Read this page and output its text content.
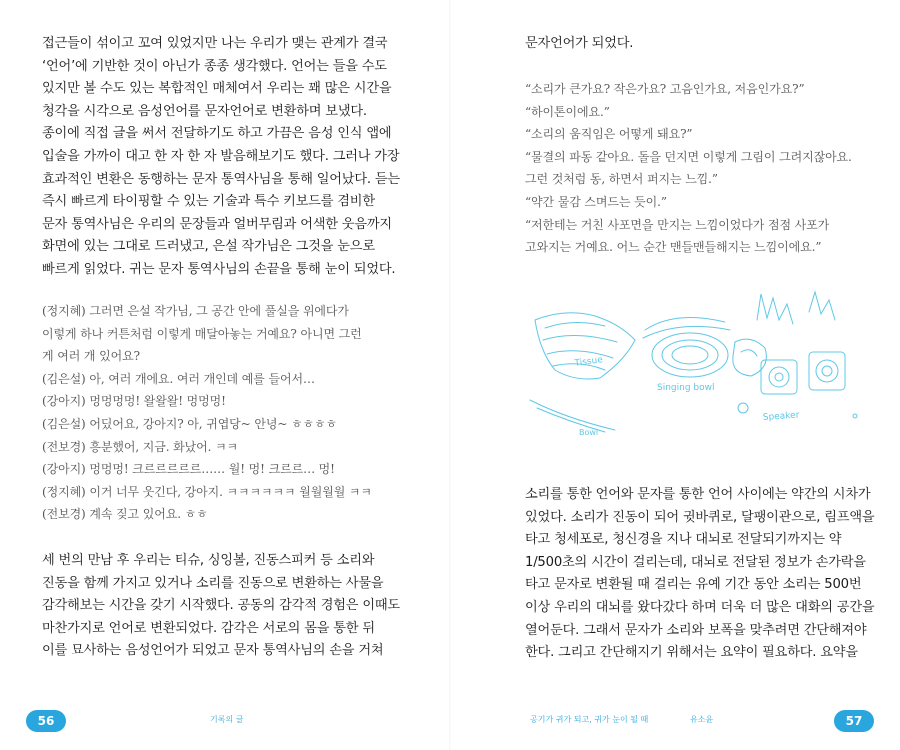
접근들이 섞이고 꼬여 있었지만 나는 우리가 맺는 관계가 결국

‘언어’에 기반한 것이 아닌가 종종 생각했다. 언어는 들을 수도

있지만 볼 수도 있는 복합적인 매체여서 우리는 꽤 많은 시간을

청각을 시각으로 음성언어를 문자언어로 변환하며 보냈다.

종이에 직접 글을 써서 전달하기도 하고 가끔은 음성 인식 앱에

입술을 가까이 대고 한 자 한 자 발음해보기도 했다. 그러나 가장

효과적인 변환은 동행하는 문자 통역사님을 통해 일어났다. 듣는

즉시 빠르게 타이핑할 수 있는 기술과 특수 키보드를 겸비한

문자 통역사님은 우리의 문장들과 얼버무림과 어색한 웃음까지

화면에 있는 그대로 드러냈고, 은설 작가님은 그것을 눈으로

빠르게 읽었다. 귀는 문자 통역사님의 손끝을 통해 눈이 되었다.

(정지혜) 그러면 은설 작가님, 그 공간 안에 풀실을 위에다가

이렇게 하나 커튼처럼 이렇게 매달아놓는 거예요? 아니면 그런

게 여러 개 있어요?

(김은설) 아, 여러 개에요. 여러 개인데 예를 들어서…

(강아지) 멍멍멍멍! 왈왈왈! 멍멍멍!

(김은설) 어딨어요, 강아지? 아, 귀엽당~ 안녕~ ㅎㅎㅎㅎ

(전보경) 흥분했어, 지금. 화났어. ㅋㅋ

(강아지) 멍멍멍! 크르르르르르…… 월! 멍! 크르르… 멍!

(정지혜) 이거 너무 웃긴다, 강아지. ㅋㅋㅋㅋㅋㅋ 월월월월 ㅋㅋ

(전보경) 계속 짖고 있어요. ㅎㅎ

세 번의 만남 후 우리는 티슈, 싱잉볼, 진동스피커 등 소리와

진동을 함께 가지고 있거나 소리를 진동으로 변환하는 사물을

감각해보는 시간을 갖기 시작했다. 공동의 감각적 경험은 이때도

마찬가지로 언어로 변환되었다. 감각은 서로의 몸을 통한 뒤

이를 묘사하는 음성언어가 되었고 문자 통역사님의 손을 거쳐

56	기록의 글

문자언어가 되었다.

“소리가 큰가요? 작은가요? 고음인가요, 저음인가요?”

“하이톤이에요.”

“소리의 움직임은 어떻게 돼요?”

“물결의 파동 같아요. 돌을 던지면 이렇게 그림이 그려지잖아요.

그런 것처럼 동, 하면서 퍼지는 느낌.”

“약간 물감 스며드는 듯이.”

“저한테는 거친 사포면을 만지는 느낌이었다가 점점 사포가

고와지는 거예요. 어느 순간 맨들맨들해지는 느낌이에요.”

소리를 통한 언어와 문자를 통한 언어 사이에는 약간의 시차가

있었다. 소리가 진동이 되어 귓바퀴로, 달팽이관으로, 림프액을

타고 청세포로, 청신경을 지나 대뇌로 전달되기까지는 약

1/500초의 시간이 걸리는데, 대뇌로 전달된 정보가 손가락을

타고 문자로 변환될 때 걸리는 유예 기간 동안 소리는 500번

이상 우리의 대뇌를 왔다갔다 하며 더욱 더 많은 대화의 공간을

열어둔다. 그래서 문자가 소리와 보폭을 맞추려면 간단해져야

한다. 그리고 간단해지기 위해서는 요약이 필요하다. 요약을

공기가 귀가 되고, 귀가 눈이 될 때	유소윤	57
Tissue
Bowl
Singing bowl
Speaker
